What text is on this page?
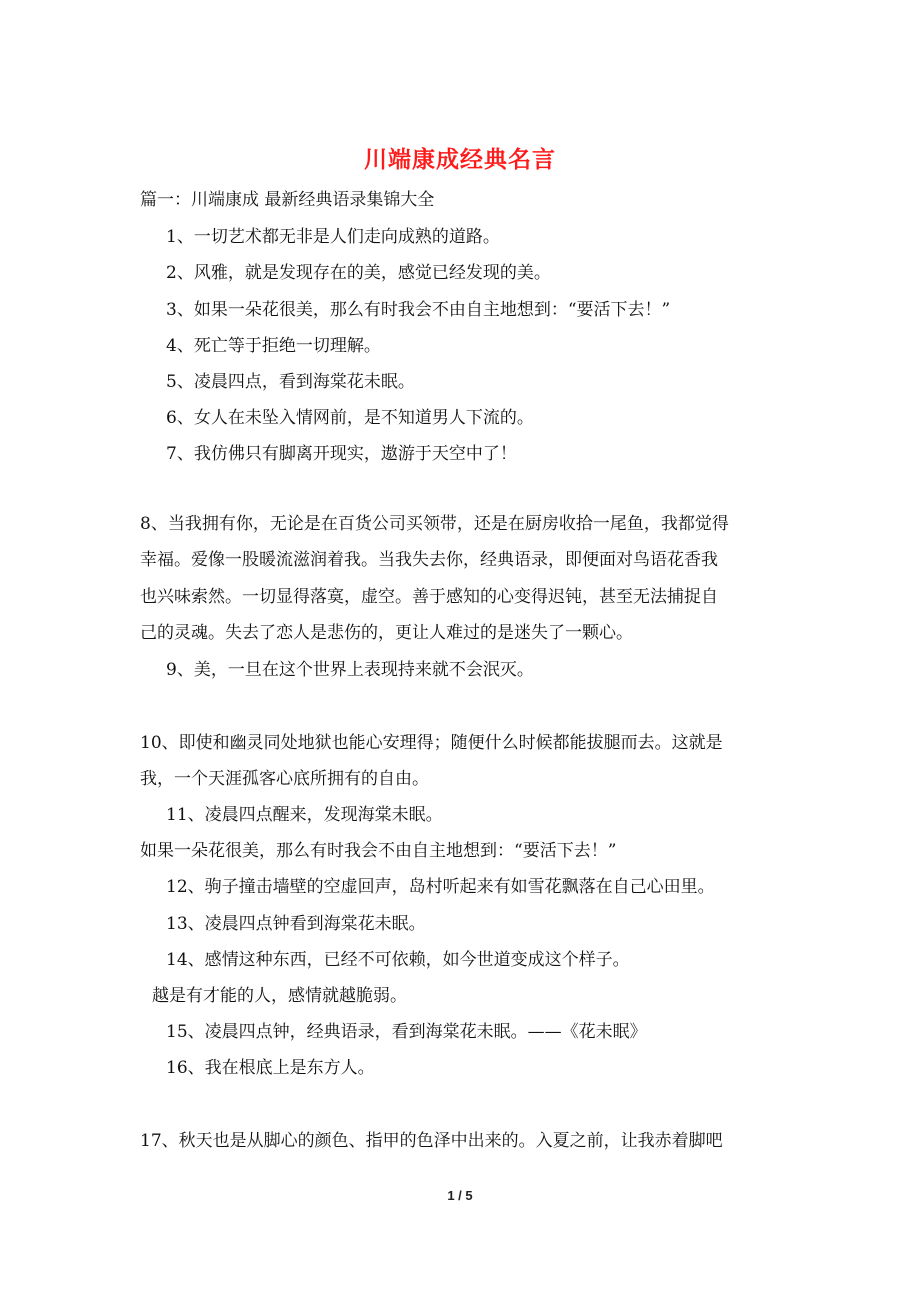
川端康成经典名言
篇一：川端康成 最新经典语录集锦大全
1、一切艺术都无非是人们走向成熟的道路。
2、风雅，就是发现存在的美，感觉已经发现的美。
3、如果一朵花很美，那么有时我会不由自主地想到：“要活下去！”
4、死亡等于拒绝一切理解。
5、凌晨四点，看到海棠花未眠。
6、女人在未坠入情网前，是不知道男人下流的。
7、我仿佛只有脚离开现实，遨游于天空中了！
8、当我拥有你，无论是在百货公司买领带，还是在厨房收拾一尾鱼，我都觉得
幸福。爱像一股暖流滋润着我。当我失去你，经典语录，即便面对鸟语花香我
也兴味索然。一切显得落寞，虚空。善于感知的心变得迟钝，甚至无法捕捉自
己的灵魂。失去了恋人是悲伤的，更让人难过的是迷失了一颗心。
9、美，一旦在这个世界上表现持来就不会泯灭。
10、即使和幽灵同处地狱也能心安理得；随便什么时候都能拔腿而去。这就是
我，一个天涯孤客心底所拥有的自由。
11、凌晨四点醒来，发现海棠未眠。
如果一朵花很美，那么有时我会不由自主地想到：“要活下去！”
12、驹子撞击墙壁的空虚回声，岛村听起来有如雪花飘落在自己心田里。
13、凌晨四点钟看到海棠花未眠。
14、感情这种东西，已经不可依赖，如今世道变成这个样子。
越是有才能的人，感情就越脆弱。
15、凌晨四点钟，经典语录，看到海棠花未眠。——《花未眠》
16、我在根底上是东方人。
17、秋天也是从脚心的颜色、指甲的色泽中出来的。入夏之前，让我赤着脚吧
1 / 5
